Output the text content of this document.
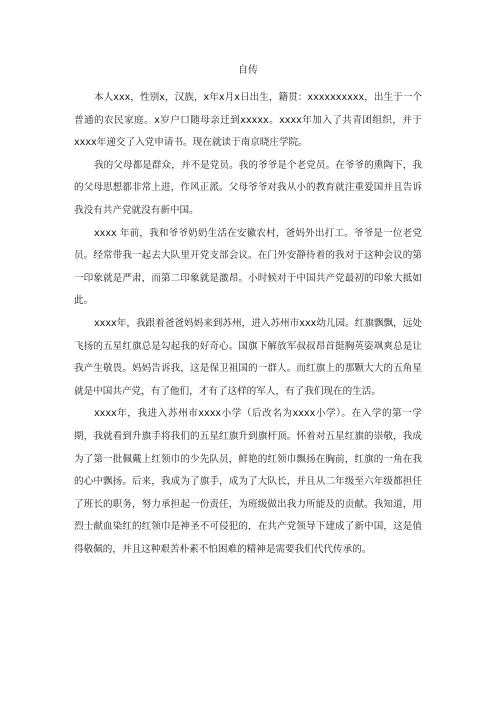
自传

本人xxx，性别x，汉族，x年x月x日出生，籍贯：xxxxxxxxxx，出生于一个普通的农民家庭。x岁户口随母亲迁到xxxxx。xxxx年加入了共青团组织，并于xxxx年递交了入党申请书。现在就读于南京晓庄学院。

我的父母都是群众，并不是党员。我的爷爷是个老党员。在爷爷的熏陶下，我的父母思想都非常上进，作风正派。父母爷爷对我从小的教育就注重爱国并且告诉我没有共产党就没有新中国。

xxxx 年前，我和爷爷奶奶生活在安徽农村，爸妈外出打工。爷爷是一位老党员。经常带我一起去大队里开党支部会议。在门外安静待着的我对于这种会议的第一印象就是严肃，而第二印象就是激昂。小时候对于中国共产党最初的印象大抵如此。

xxxx年，我跟着爸爸妈妈来到苏州，进入苏州市xxx幼儿园。红旗飘飘，远处飞扬的五星红旗总是勾起我的好奇心。国旗下解放军叔叔昂首挺胸英姿飒爽总是让我产生敬畏。妈妈告诉我，这是保卫祖国的一群人。而红旗上的那颗大大的五角星就是中国共产党，有了他们，才有了这样的军人，有了我们现在的生活。

xxxx年，我进入苏州市xxxx小学（后改名为xxxx小学）。在入学的第一学期，我就看到升旗手将我们的五星红旗升到旗杆顶。怀着对五星红旗的崇敬，我成为了第一批佩戴上红领巾的少先队员，鲜艳的红领巾飘扬在胸前，红旗的一角在我的心中飘扬。后来，我成为了旗手，成为了大队长，并且从二年级至六年级都担任了班长的职务，努力承担起一份责任，为班级做出我力所能及的贡献。我知道，用烈士献血染红的红领巾是神圣不可侵犯的，在共产党领导下建成了新中国，这是值得敬佩的，并且这种艰苦朴素不怕困难的精神是需要我们代代传承的。
